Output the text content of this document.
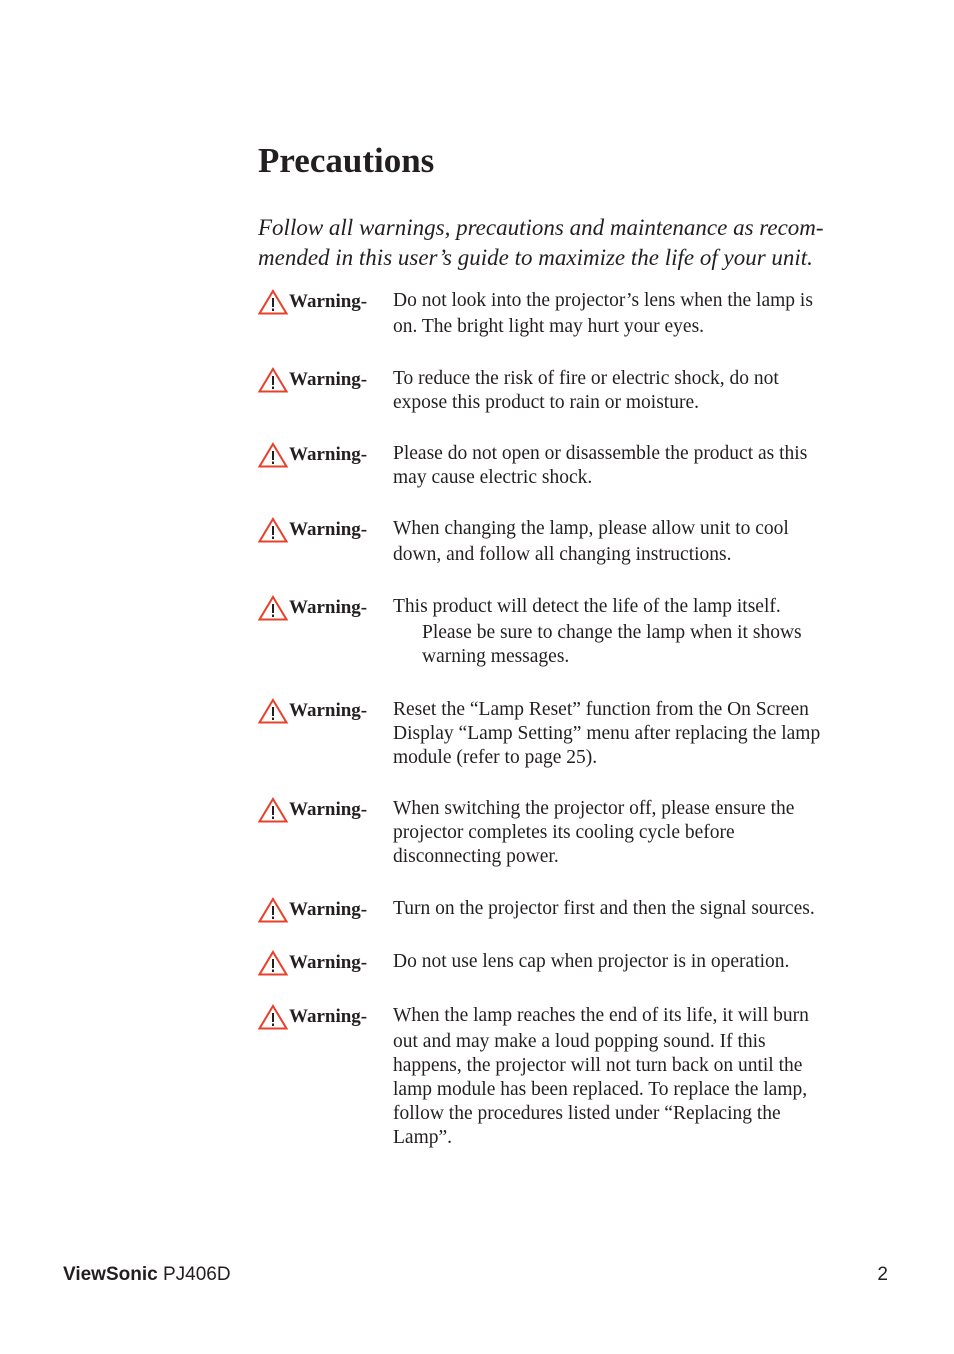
Precautions

Follow all warnings, precautions and maintenance as recom-
mended in this user’s guide to maximize the life of your unit.

Warning- Do not look into the projector’s lens when the lamp is
on. The bright light may hurt your eyes.
Warning- To reduce the risk of fire or electric shock, do not
expose this product to rain or moisture.
Warning- Please do not open or disassemble the product as this
may cause electric shock.
Warning- When changing the lamp, please allow unit to cool
down, and follow all changing instructions.
Warning- This product will detect the life of the lamp itself.
Please be sure to change the lamp when it shows
warning messages.
Warning- Reset the “Lamp Reset” function from the On Screen
Display “Lamp Setting” menu after replacing the lamp
module (refer to page 25).
Warning- When switching the projector off, please ensure the
projector completes its cooling cycle before
disconnecting power.
Warning- Turn on the projector first and then the signal sources.
Warning- Do not use lens cap when projector is in operation.
Warning- When the lamp reaches the end of its life, it will burn
out and may make a loud popping sound. If this
happens, the projector will not turn back on until the
lamp module has been replaced. To replace the lamp,
follow the procedures listed under “Replacing the
Lamp”.
ViewSonic PJ406D	2
